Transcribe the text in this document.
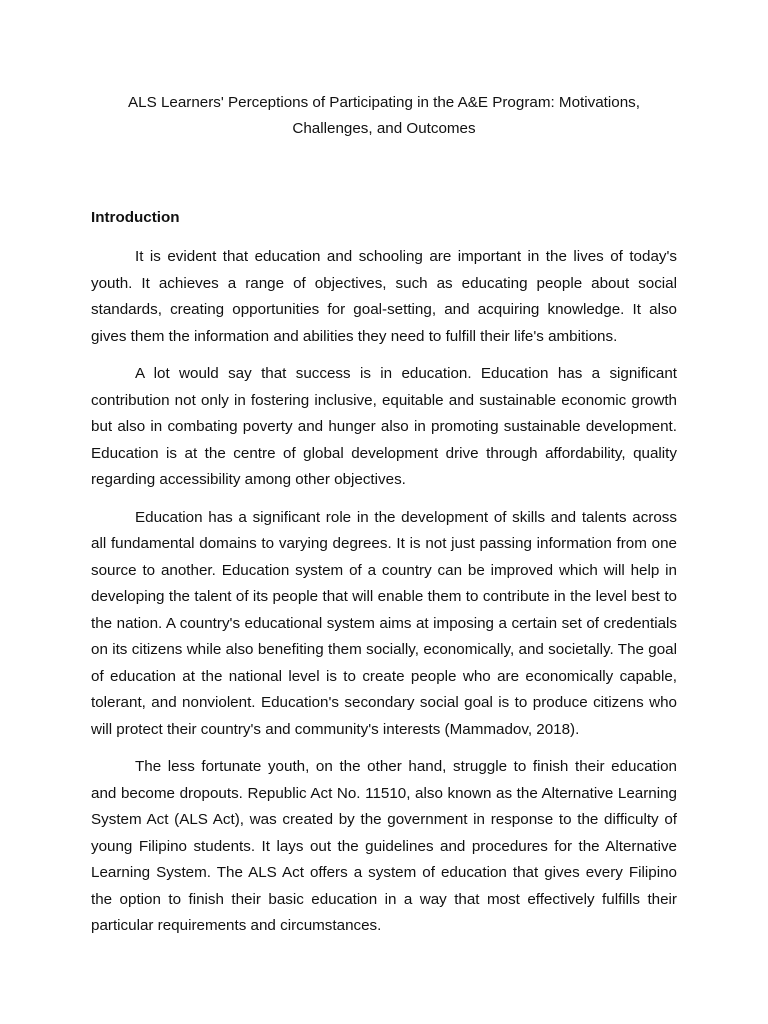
ALS Learners' Perceptions of Participating in the A&E Program: Motivations, Challenges, and Outcomes

Introduction

It is evident that education and schooling are important in the lives of today's youth. It achieves a range of objectives, such as educating people about social standards, creating opportunities for goal-setting, and acquiring knowledge. It also gives them the information and abilities they need to fulfill their life's ambitions.

A lot would say that success is in education. Education has a significant contribution not only in fostering inclusive, equitable and sustainable economic growth but also in combating poverty and hunger also in promoting sustainable development. Education is at the centre of global development drive through affordability, quality regarding accessibility among other objectives.

Education has a significant role in the development of skills and talents across all fundamental domains to varying degrees. It is not just passing information from one source to another. Education system of a country can be improved which will help in developing the talent of its people that will enable them to contribute in the level best to the nation. A country's educational system aims at imposing a certain set of credentials on its citizens while also benefiting them socially, economically, and societally. The goal of education at the national level is to create people who are economically capable, tolerant, and nonviolent. Education's secondary social goal is to produce citizens who will protect their country's and community's interests (Mammadov, 2018).

The less fortunate youth, on the other hand, struggle to finish their education and become dropouts. Republic Act No. 11510, also known as the Alternative Learning System Act (ALS Act), was created by the government in response to the difficulty of young Filipino students. It lays out the guidelines and procedures for the Alternative Learning System. The ALS Act offers a system of education that gives every Filipino the option to finish their basic education in a way that most effectively fulfills their particular requirements and circumstances.
